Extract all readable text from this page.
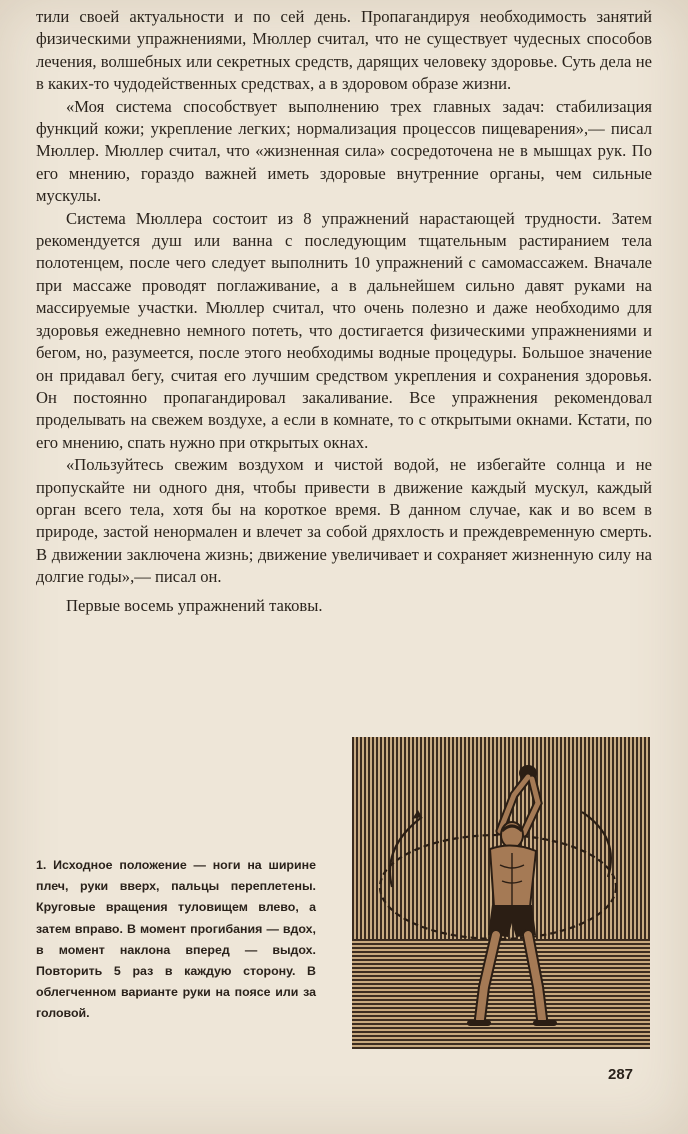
тили своей актуальности и по сей день. Пропагандируя необходимость занятий физическими упражнениями, Мюллер считал, что не существует чудесных способов лечения, волшебных или секретных средств, дарящих человеку здоровье. Суть дела не в каких-то чудодейственных средствах, а в здоровом образе жизни.

«Моя система способствует выполнению трех главных задач: стабилизация функций кожи; укрепление легких; нормализация процессов пищеварения»,— писал Мюллер. Мюллер считал, что «жизненная сила» сосредоточена не в мышцах рук. По его мнению, гораздо важней иметь здоровые внутренние органы, чем сильные мускулы.

Система Мюллера состоит из 8 упражнений нарастающей трудности. Затем рекомендуется душ или ванна с последующим тщательным растиранием тела полотенцем, после чего следует выполнить 10 упражнений с самомассажем. Вначале при массаже проводят поглаживание, а в дальнейшем сильно давят руками на массируемые участки. Мюллер считал, что очень полезно и даже необходимо для здоровья ежедневно немного потеть, что достигается физическими упражнениями и бегом, но, разумеется, после этого необходимы водные процедуры. Большое значение он придавал бегу, считая его лучшим средством укрепления и сохранения здоровья. Он постоянно пропагандировал закаливание. Все упражнения рекомендовал проделывать на свежем воздухе, а если в комнате, то с открытыми окнами. Кстати, по его мнению, спать нужно при открытых окнах.

«Пользуйтесь свежим воздухом и чистой водой, не избегайте солнца и не пропускайте ни одного дня, чтобы привести в движение каждый мускул, каждый орган всего тела, хотя бы на короткое время. В данном случае, как и во всем в природе, застой ненормален и влечет за собой дряхлость и преждевременную смерть. В движении заключена жизнь; движение увеличивает и сохраняет жизненную силу на долгие годы»,— писал он.

Первые восемь упражнений таковы.

1. Исходное положение — ноги на ширине плеч, руки вверх, пальцы переплетены. Круговые вращения туловищем влево, а затем вправо. В момент прогибания — вдох, в момент наклона вперед — выдох. Повторить 5 раз в каждую сторону. В облегченном варианте руки на поясе или за головой.
287
